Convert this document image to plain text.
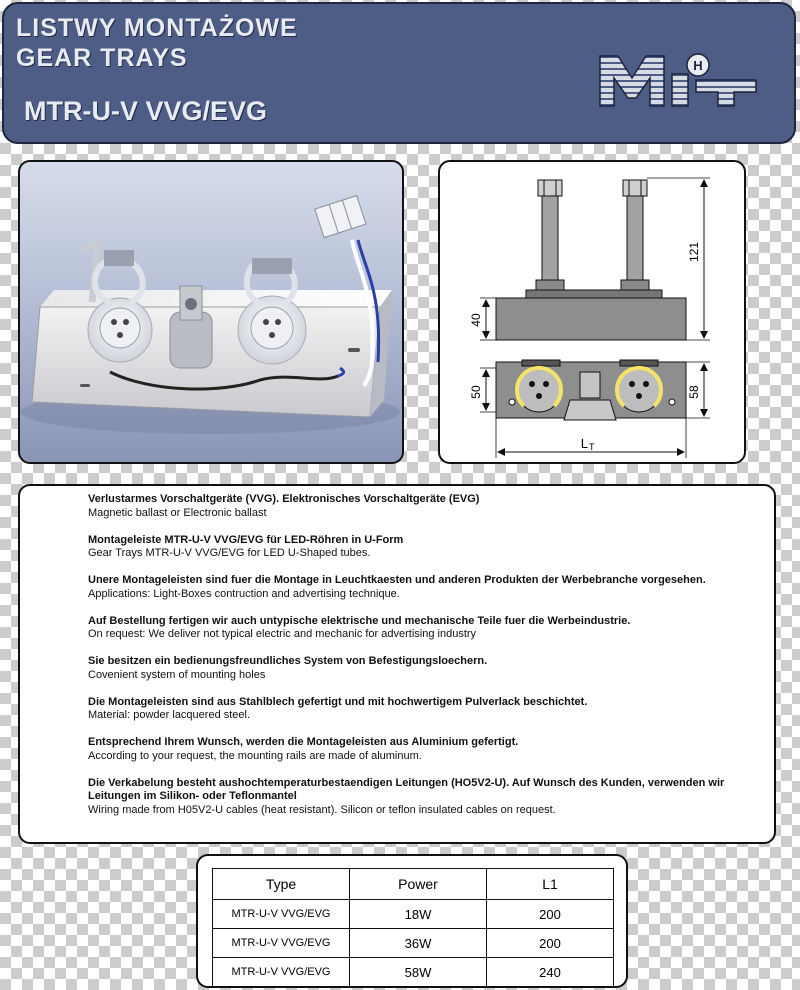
LISTWY MONTAŻOWE
GEAR TRAYS
MTR-U-V VVG/EVG
H
121
40
50	58
L T
Verlustarmes Vorschaltgeräte (VVG). Elektronisches Vorschaltgeräte (EVG)
Magnetic ballast or Electronic ballast
Montageleiste MTR-U-V VVG/EVG für LED-Röhren in U-Form
Gear Trays MTR-U-V VVG/EVG for LED U-Shaped tubes.
Unere Montageleisten sind fuer die Montage in Leuchtkaesten und anderen Produkten der Werbebranche vorgesehen.
Applications: Light-Boxes contruction and advertising technique.
Auf Bestellung fertigen wir auch untypische elektrische und mechanische Teile fuer die Werbeindustrie.
On request: We deliver not typical electric and mechanic for advertising industry
Sie besitzen ein bedienungsfreundliches System von Befestigungsloechern.
Covenient system of mounting holes
Die Montageleisten sind aus Stahlblech gefertigt und mit hochwertigem Pulverlack beschichtet.
Material: powder lacquered steel.
Entsprechend Ihrem Wunsch, werden die Montageleisten aus Aluminium gefertigt.
According to your request, the mounting rails are made of aluminum.
Die Verkabelung besteht aushochtemperaturbestaendigen Leitungen (HO5V2-U). Auf Wunsch des Kunden, verwenden wir Leitungen im Silikon- oder Teflonmantel
Wiring made from H05V2-U cables (heat resistant). Silicon or teflon insulated cables on request.
Type	Power	L1
MTR-U-V VVG/EVG	18W	200
MTR-U-V VVG/EVG	36W	200
MTR-U-V VVG/EVG	58W	240
